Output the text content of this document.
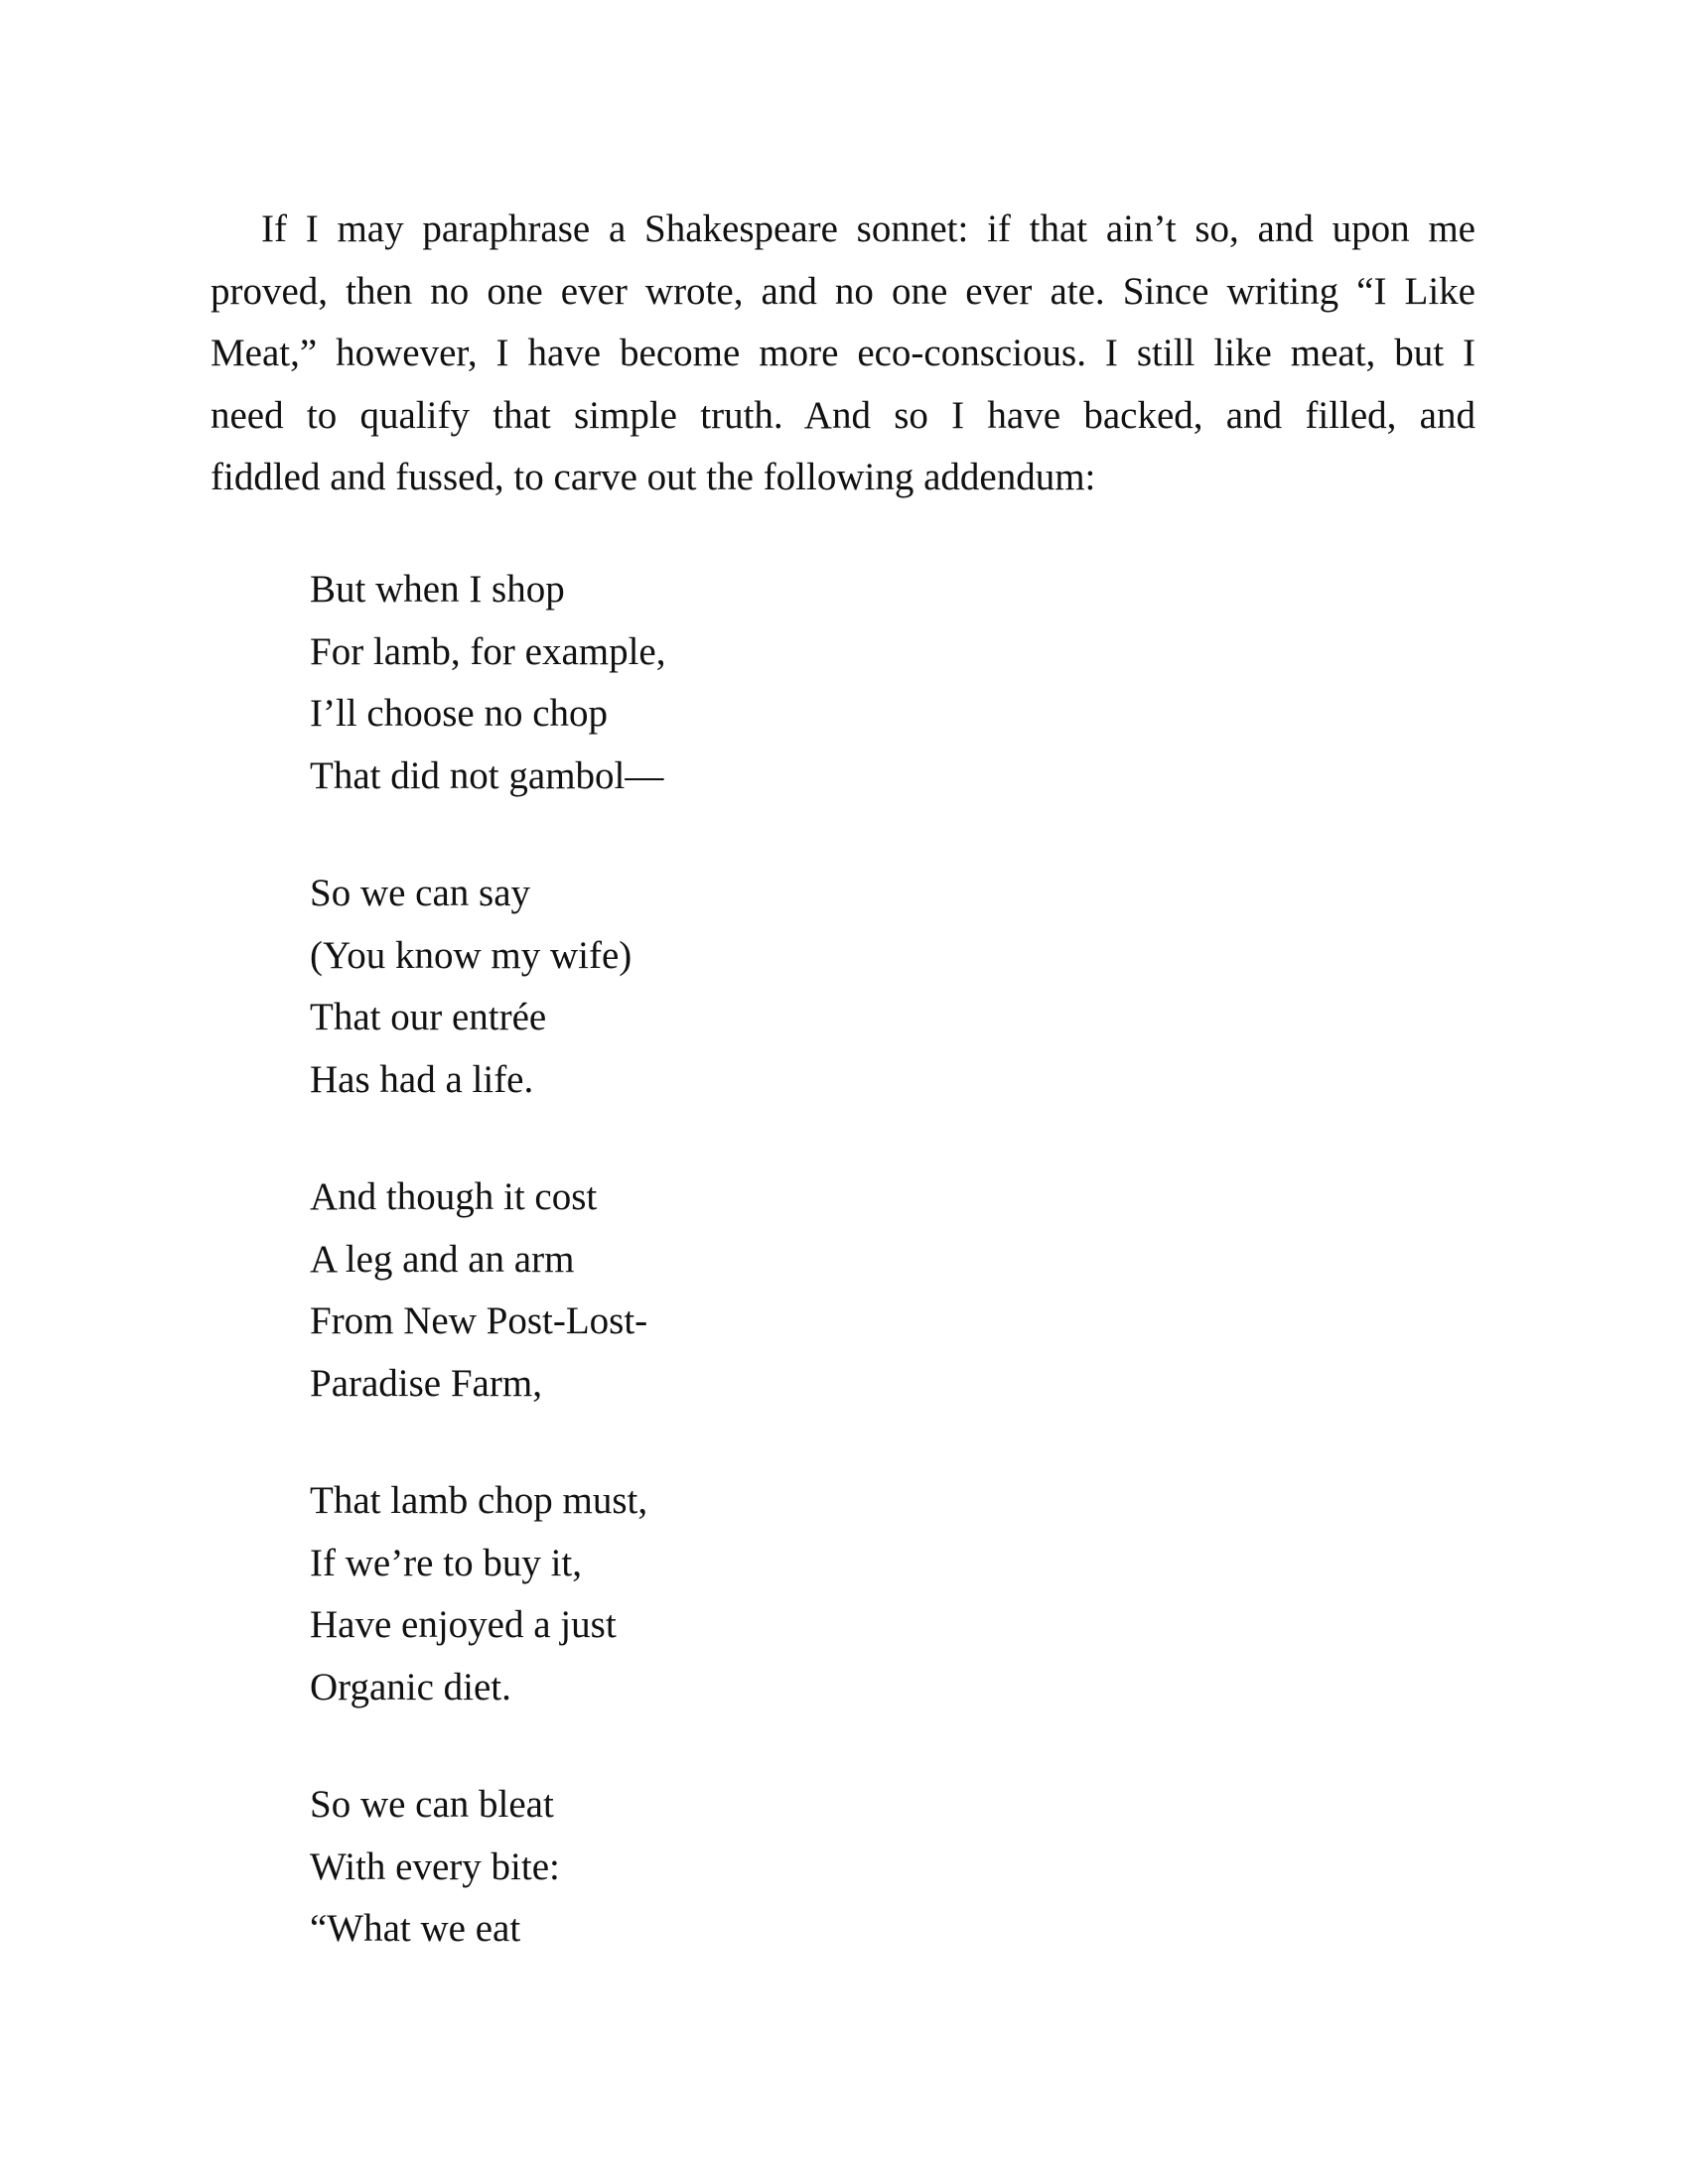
If I may paraphrase a Shakespeare sonnet: if that ain’t so, and upon me
proved, then no one ever wrote, and no one ever ate. Since writing “I Like
Meat,” however, I have become more eco-conscious. I still like meat, but I
need to qualify that simple truth. And so I have backed, and filled, and
fiddled and fussed, to carve out the following addendum:

But when I shop
For lamb, for example,
I’ll choose no chop
That did not gambol—
So we can say
(You know my wife)
That our entrée
Has had a life.
And though it cost
A leg and an arm
From New Post-Lost-
Paradise Farm,
That lamb chop must,
If we’re to buy it,
Have enjoyed a just
Organic diet.
So we can bleat
With every bite:
“What we eat
